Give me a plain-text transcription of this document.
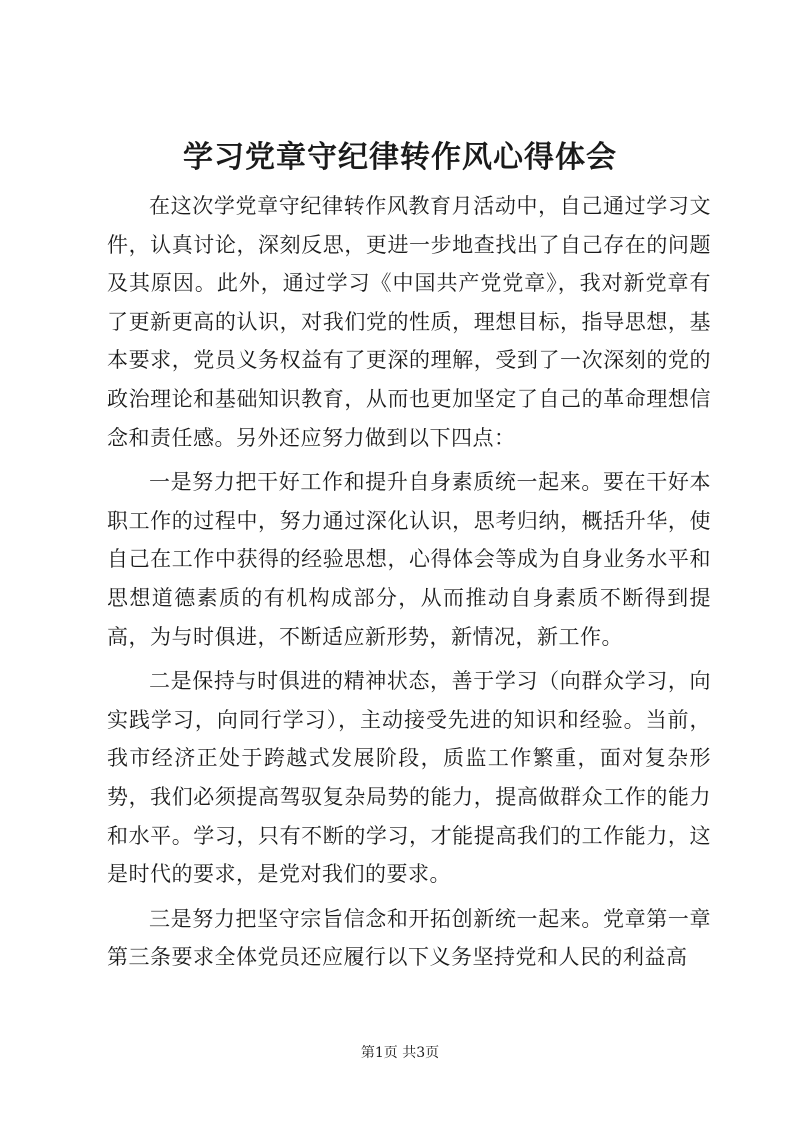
学习党章守纪律转作风心得体会

在这次学党章守纪律转作风教育月活动中，自己通过学习文件，认真讨论，深刻反思，更进一步地查找出了自己存在的问题及其原因。此外，通过学习《中国共产党党章》，我对新党章有了更新更高的认识，对我们党的性质，理想目标，指导思想，基本要求，党员义务权益有了更深的理解，受到了一次深刻的党的政治理论和基础知识教育，从而也更加坚定了自己的革命理想信念和责任感。另外还应努力做到以下四点：

一是努力把干好工作和提升自身素质统一起来。要在干好本职工作的过程中，努力通过深化认识，思考归纳，概括升华，使自己在工作中获得的经验思想，心得体会等成为自身业务水平和思想道德素质的有机构成部分，从而推动自身素质不断得到提高，为与时俱进，不断适应新形势，新情况，新工作。

二是保持与时俱进的精神状态，善于学习（向群众学习，向实践学习，向同行学习），主动接受先进的知识和经验。当前，我市经济正处于跨越式发展阶段，质监工作繁重，面对复杂形势，我们必须提高驾驭复杂局势的能力，提高做群众工作的能力和水平。学习，只有不断的学习，才能提高我们的工作能力，这是时代的要求，是党对我们的要求。

三是努力把坚守宗旨信念和开拓创新统一起来。党章第一章第三条要求全体党员还应履行以下义务坚持党和人民的利益高

第1页 共3页
